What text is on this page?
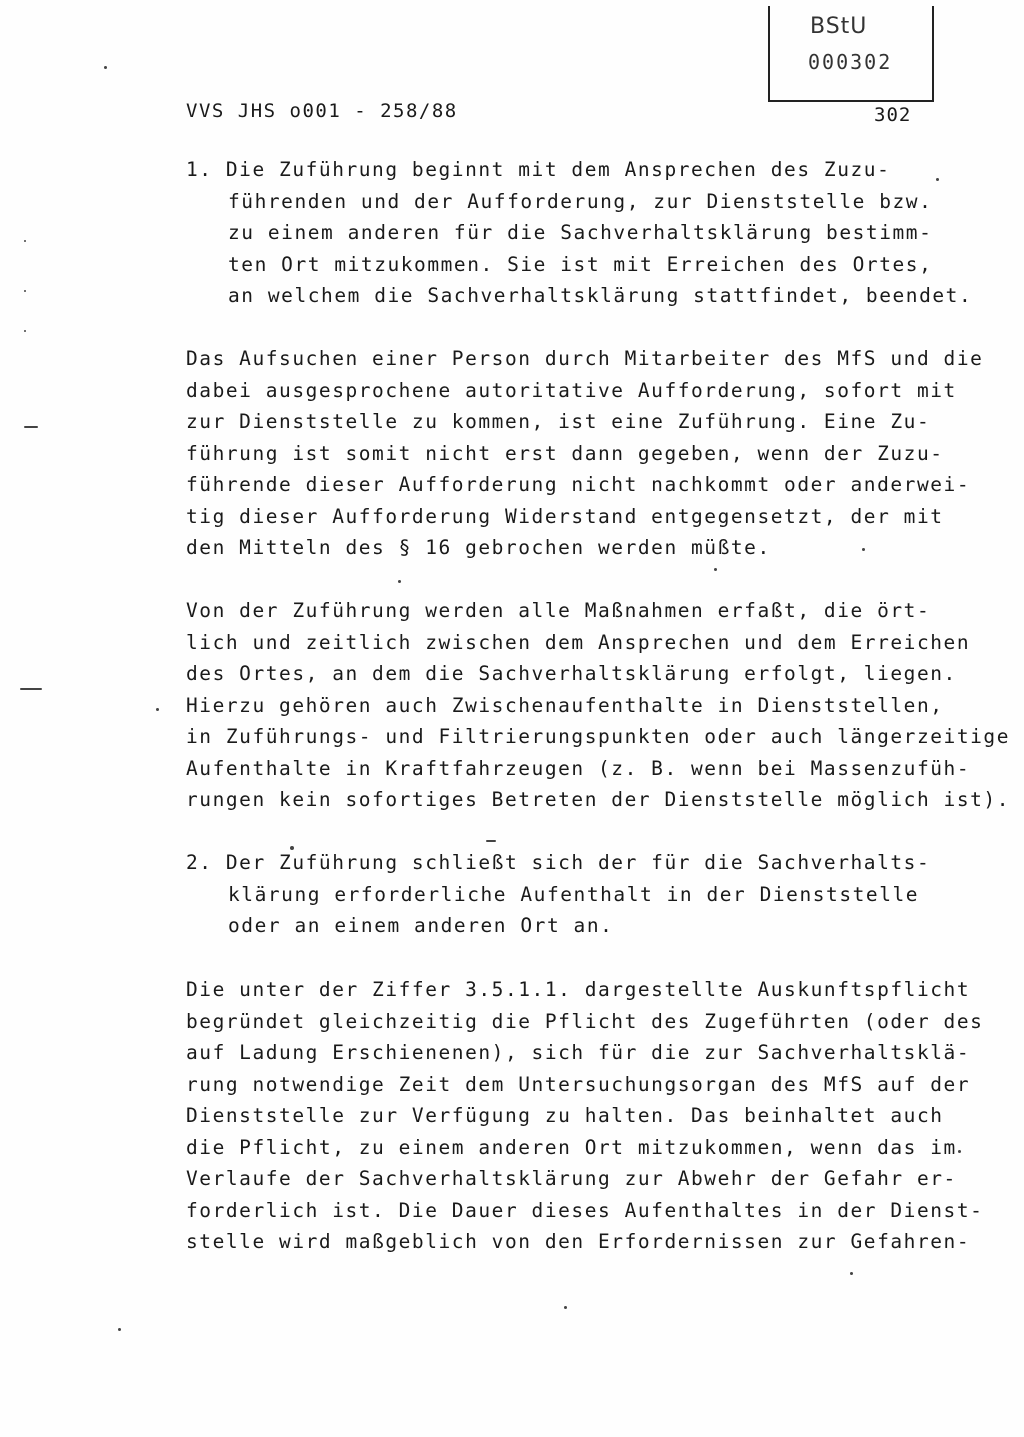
VVS JHS o001 - 258/88
BStU
000302
302
1. Die Zuführung beginnt mit dem Ansprechen des Zuzu-
führenden und der Aufforderung, zur Dienststelle bzw.
zu einem anderen für die Sachverhaltsklärung bestimm-
ten Ort mitzukommen. Sie ist mit Erreichen des Ortes,
an welchem die Sachverhaltsklärung stattfindet, beendet.
Das Aufsuchen einer Person durch Mitarbeiter des MfS und die
dabei ausgesprochene autoritative Aufforderung, sofort mit
zur Dienststelle zu kommen, ist eine Zuführung. Eine Zu-
führung ist somit nicht erst dann gegeben, wenn der Zuzu-
führende dieser Aufforderung nicht nachkommt oder anderwei-
tig dieser Aufforderung Widerstand entgegensetzt, der mit
den Mitteln des § 16 gebrochen werden müßte.
Von der Zuführung werden alle Maßnahmen erfaßt, die ört-
lich und zeitlich zwischen dem Ansprechen und dem Erreichen
des Ortes, an dem die Sachverhaltsklärung erfolgt, liegen.
Hierzu gehören auch Zwischenaufenthalte in Dienststellen,
in Zuführungs- und Filtrierungspunkten oder auch längerzeitige
Aufenthalte in Kraftfahrzeugen (z. B. wenn bei Massenzufüh-
rungen kein sofortiges Betreten der Dienststelle möglich ist).
2. Der Zuführung schließt sich der für die Sachverhalts-
klärung erforderliche Aufenthalt in der Dienststelle
oder an einem anderen Ort an.
Die unter der Ziffer 3.5.1.1. dargestellte Auskunftspflicht
begründet gleichzeitig die Pflicht des Zugeführten (oder des
auf Ladung Erschienenen), sich für die zur Sachverhaltsklä-
rung notwendige Zeit dem Untersuchungsorgan des MfS auf der
Dienststelle zur Verfügung zu halten. Das beinhaltet auch
die Pflicht, zu einem anderen Ort mitzukommen, wenn das im
Verlaufe der Sachverhaltsklärung zur Abwehr der Gefahr er-
forderlich ist. Die Dauer dieses Aufenthaltes in der Dienst-
stelle wird maßgeblich von den Erfordernissen zur Gefahren-
